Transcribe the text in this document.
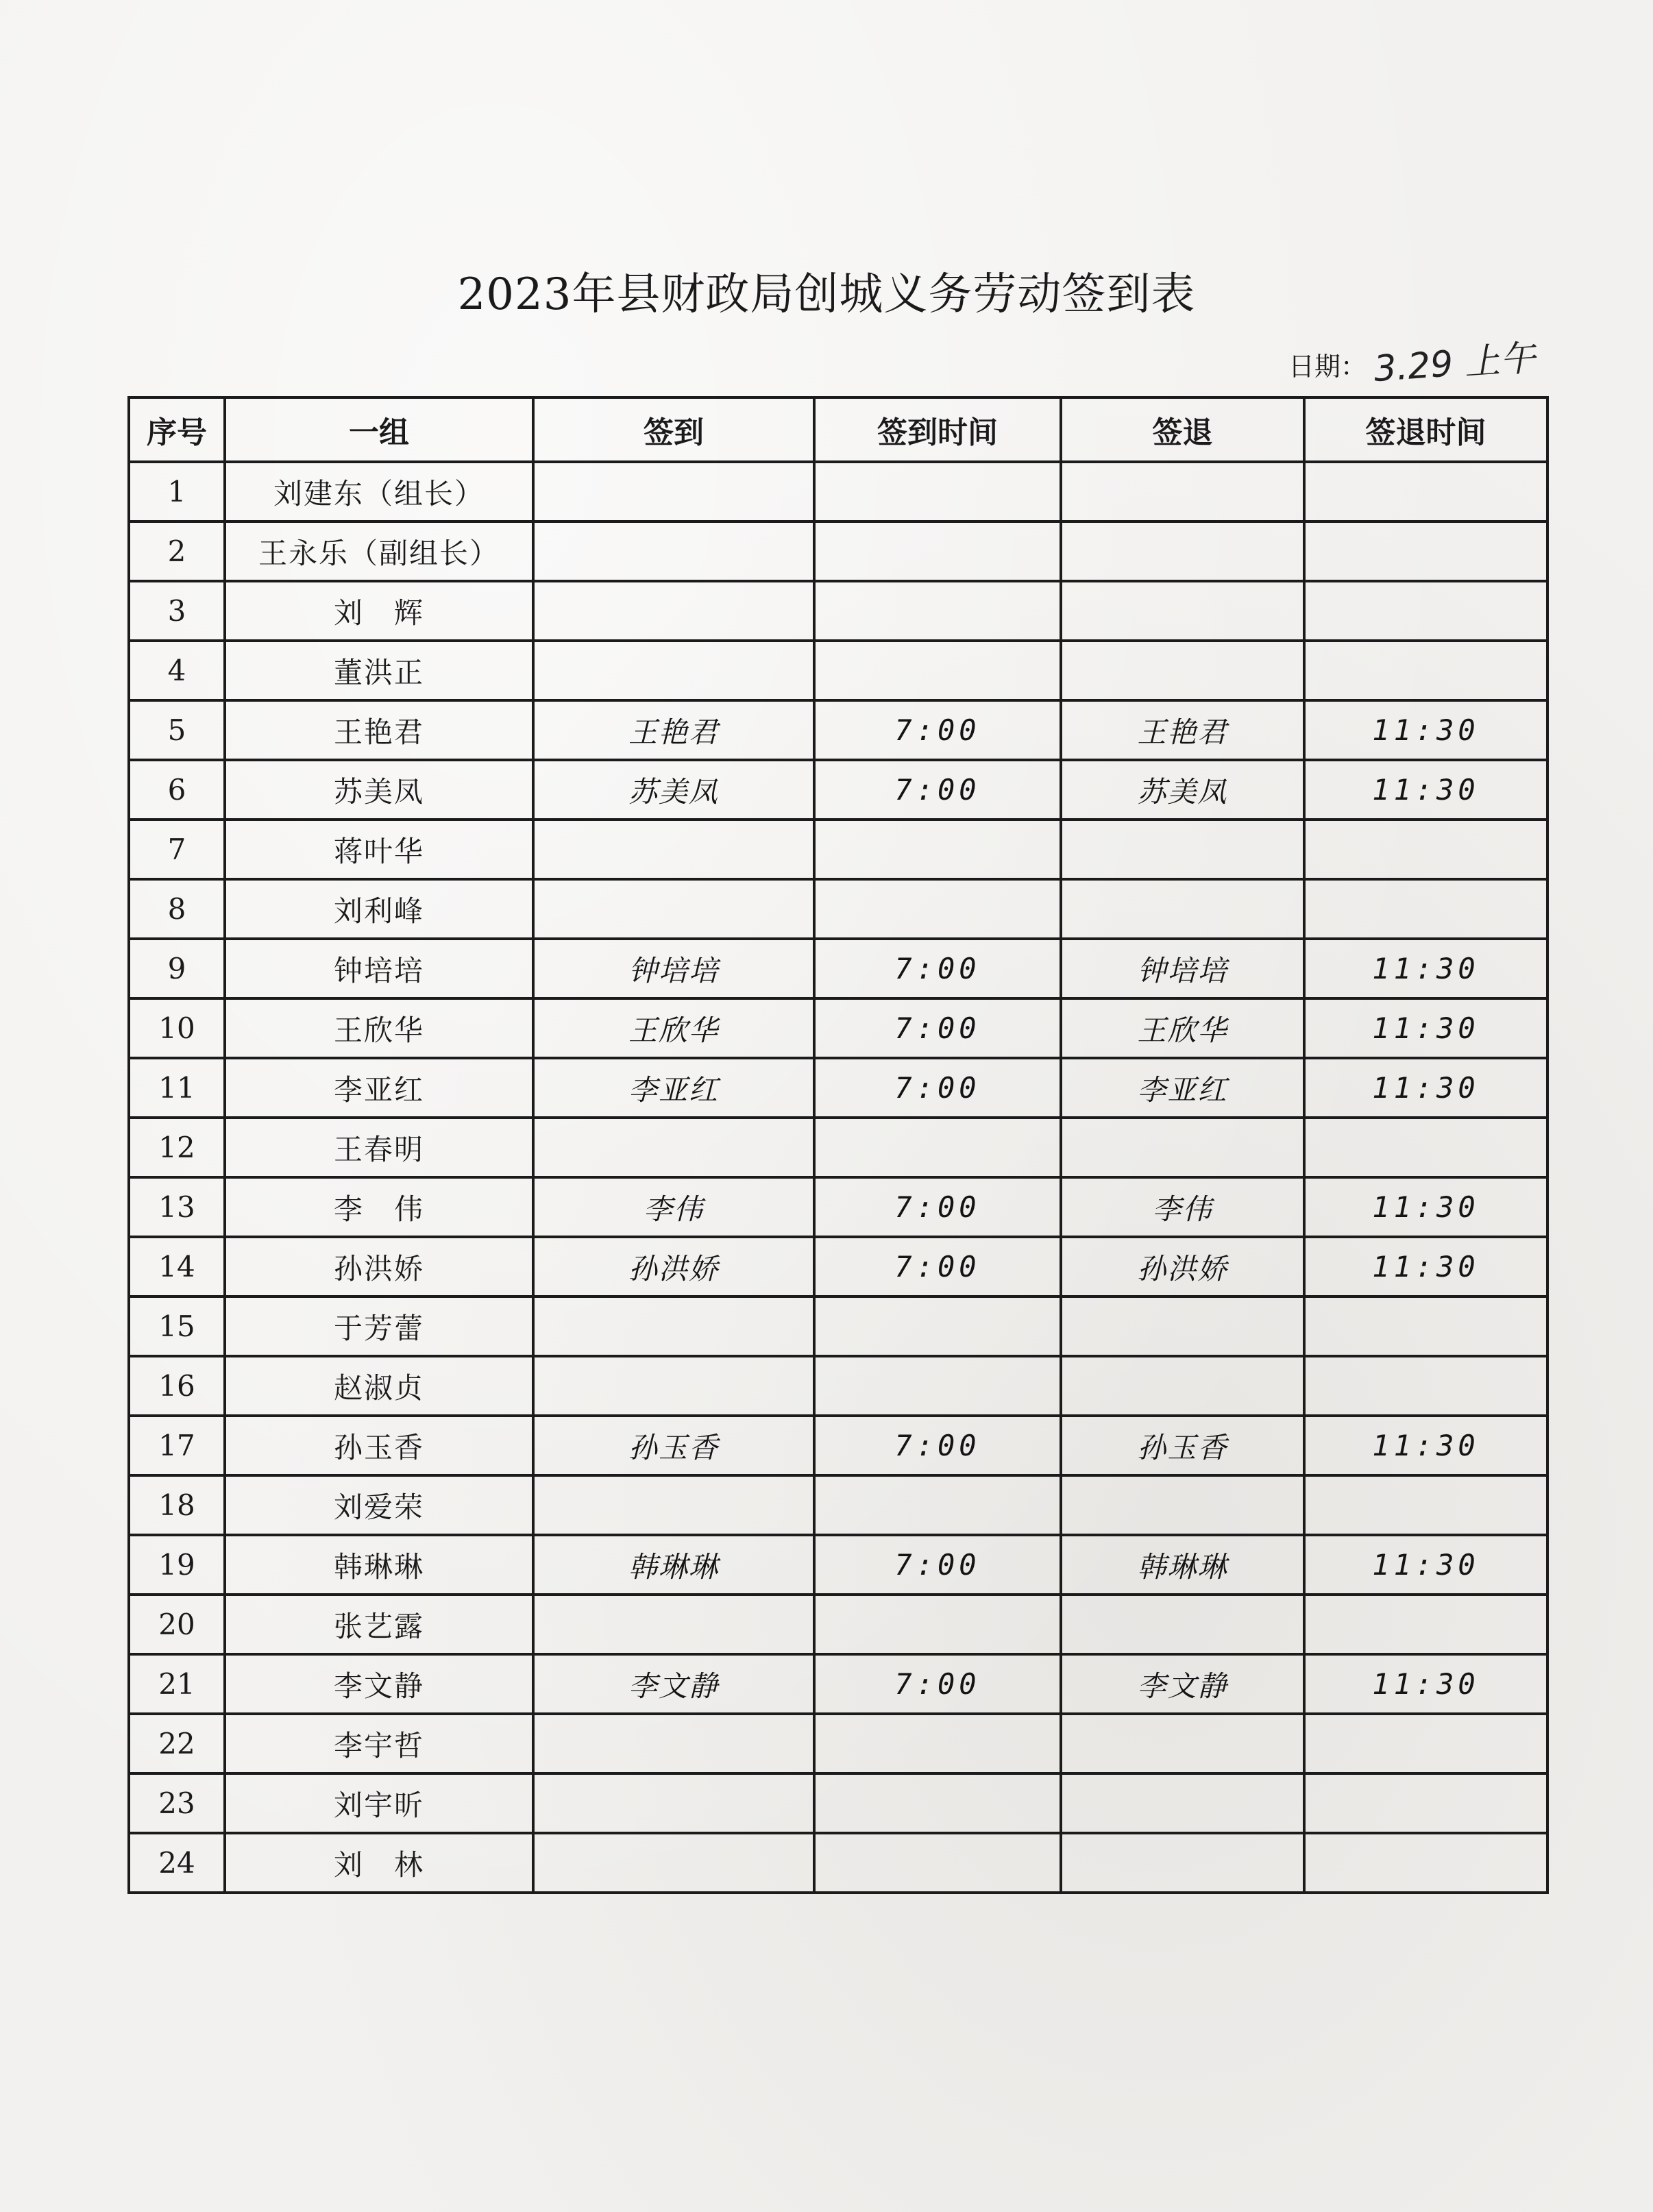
2023年县财政局创城义务劳动签到表
日期： 3.29 上午
序号	一组	签到	签到时间	签退	签退时间
1	刘建东（组长）				
2	王永乐（副组长）				
3	刘　辉				
4	董洪正				
5	王艳君	王艳君	7:00	王艳君	11:30
6	苏美凤	苏美凤	7:00	苏美凤	11:30
7	蒋叶华				
8	刘利峰				
9	钟培培	钟培培	7:00	钟培培	11:30
10	王欣华	王欣华	7:00	王欣华	11:30
11	李亚红	李亚红	7:00	李亚红	11:30
12	王春明				
13	李　伟	李伟	7:00	李伟	11:30
14	孙洪娇	孙洪娇	7:00	孙洪娇	11:30
15	于芳蕾				
16	赵淑贞				
17	孙玉香	孙玉香	7:00	孙玉香	11:30
18	刘爱荣				
19	韩琳琳	韩琳琳	7:00	韩琳琳	11:30
20	张艺露				
21	李文静	李文静	7:00	李文静	11:30
22	李宇哲				
23	刘宇昕				
24	刘　林				
